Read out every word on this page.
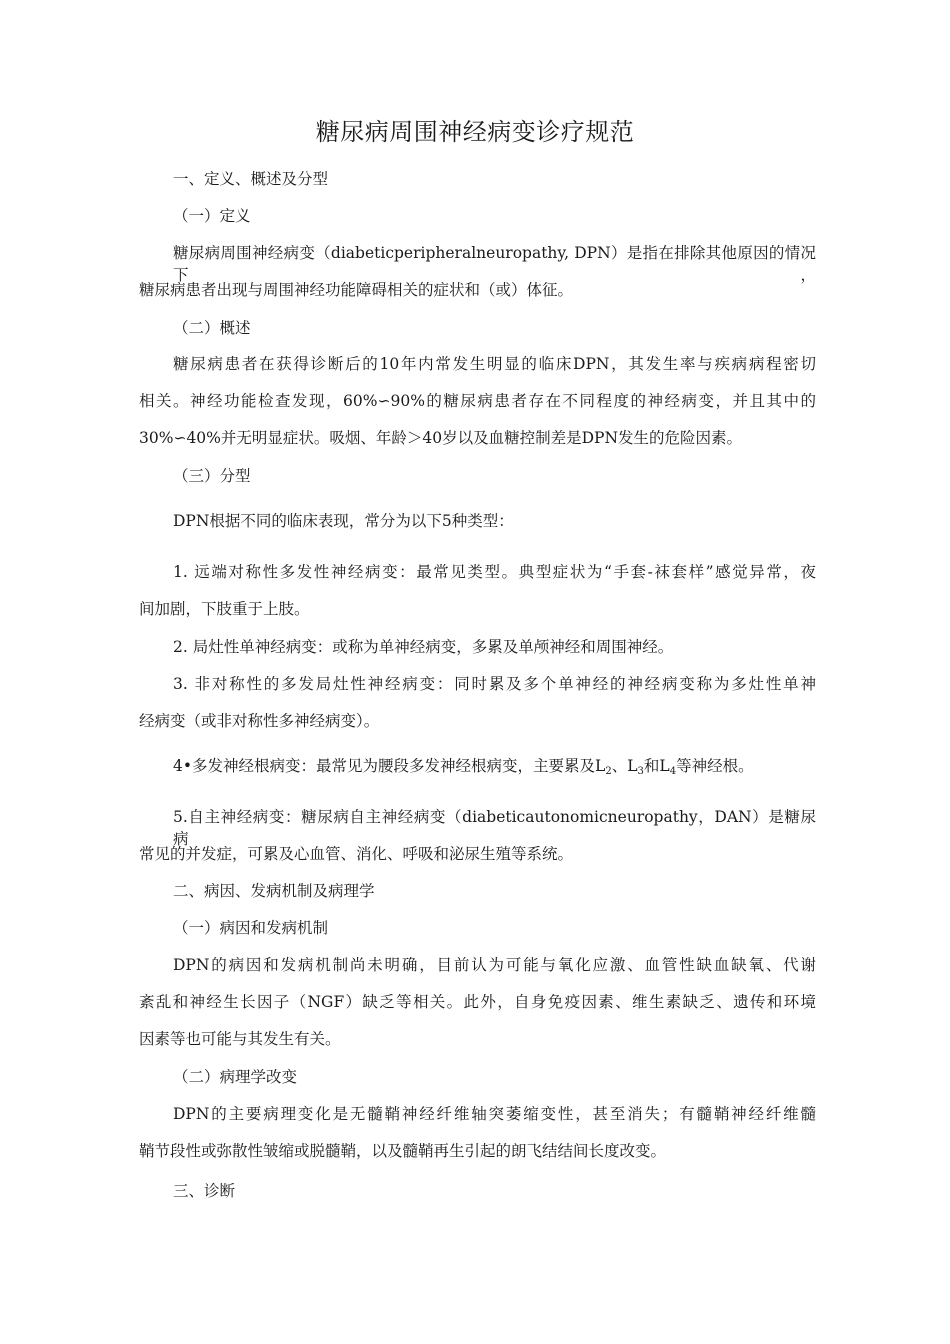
糖尿病周围神经病变诊疗规范
一、定义、概述及分型
（一）定义
糖尿病周围神经病变（diabeticperipheralneuropathy, DPN）是指在排除其他原因的情况下，
糖尿病患者出现与周围神经功能障碍相关的症状和（或）体征。
（二）概述
糖尿病患者在获得诊断后的10年内常发生明显的临床DPN，其发生率与疾病病程密切
相关。神经功能检查发现，60%∽90%的糖尿病患者存在不同程度的神经病变，并且其中的
30%∽40%并无明显症状。吸烟、年龄＞40岁以及血糖控制差是DPN发生的危险因素。
（三）分型
DPN根据不同的临床表现，常分为以下5种类型：
1. 远端对称性多发性神经病变：最常见类型。典型症状为“手套-袜套样”感觉异常，夜
间加剧，下肢重于上肢。
2. 局灶性单神经病变：或称为单神经病变，多累及单颅神经和周围神经。
3. 非对称性的多发局灶性神经病变：同时累及多个单神经的神经病变称为多灶性单神
经病变（或非对称性多神经病变）。
4•多发神经根病变：最常见为腰段多发神经根病变，主要累及$L_2$、$L_3$和$L_4$等神经根。
5.自主神经病变：糖尿病自主神经病变（diabeticautonomicneuropathy，DAN）是糖尿病
常见的并发症，可累及心血管、消化、呼吸和泌尿生殖等系统。
二、病因、发病机制及病理学
（一）病因和发病机制
DPN的病因和发病机制尚未明确，目前认为可能与氧化应激、血管性缺血缺氧、代谢
紊乱和神经生长因子（NGF）缺乏等相关。此外，自身免疫因素、维生素缺乏、遗传和环境
因素等也可能与其发生有关。
（二）病理学改变
DPN的主要病理变化是无髓鞘神经纤维轴突萎缩变性，甚至消失；有髓鞘神经纤维髓
鞘节段性或弥散性皱缩或脱髓鞘，以及髓鞘再生引起的朗飞结结间长度改变。
三、诊断
